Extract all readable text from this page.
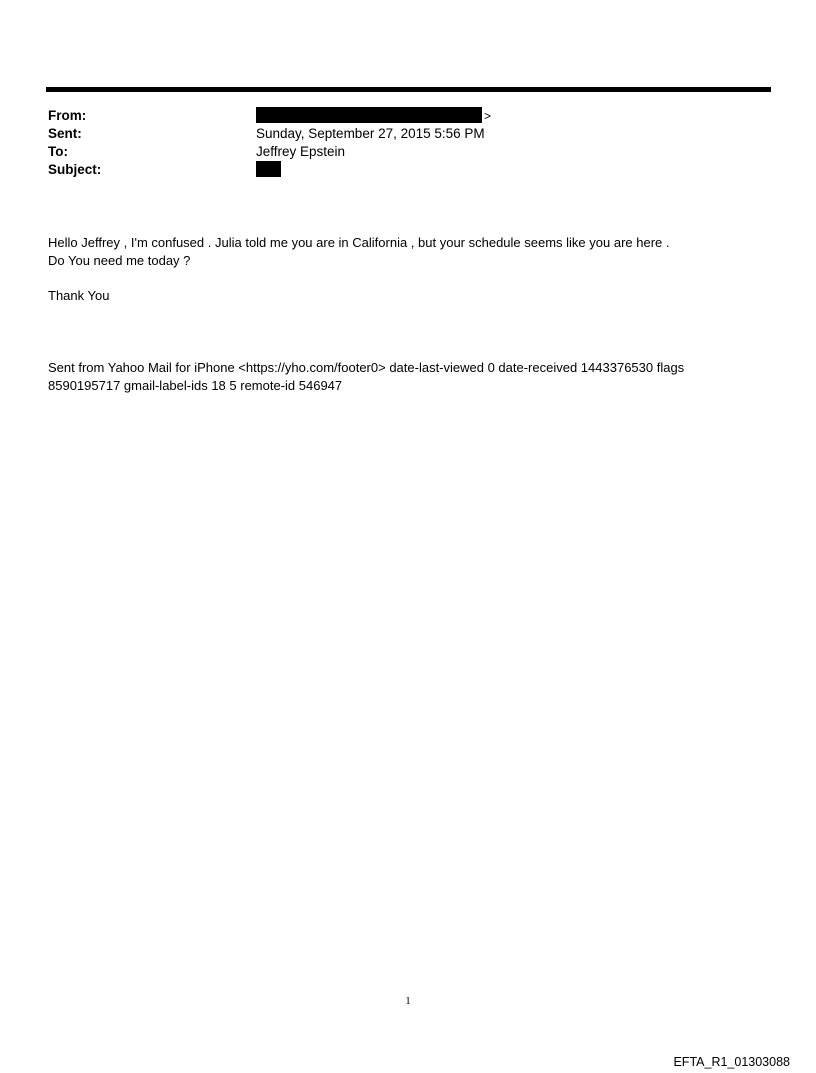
From:	>
Sent:	Sunday, September 27, 2015 5:56 PM
To:	Jeffrey Epstein
Subject:

Hello Jeffrey , I'm confused . Julia told me you are in California , but your schedule seems like you are here .

Do You need me today ?

Thank You
Sent from Yahoo Mail for iPhone <https://yho.com/footer0> date-last-viewed 0 date-received 1443376530 flags
8590195717 gmail-label-ids 18 5 remote-id 546947
1
EFTA_R1_01303088
